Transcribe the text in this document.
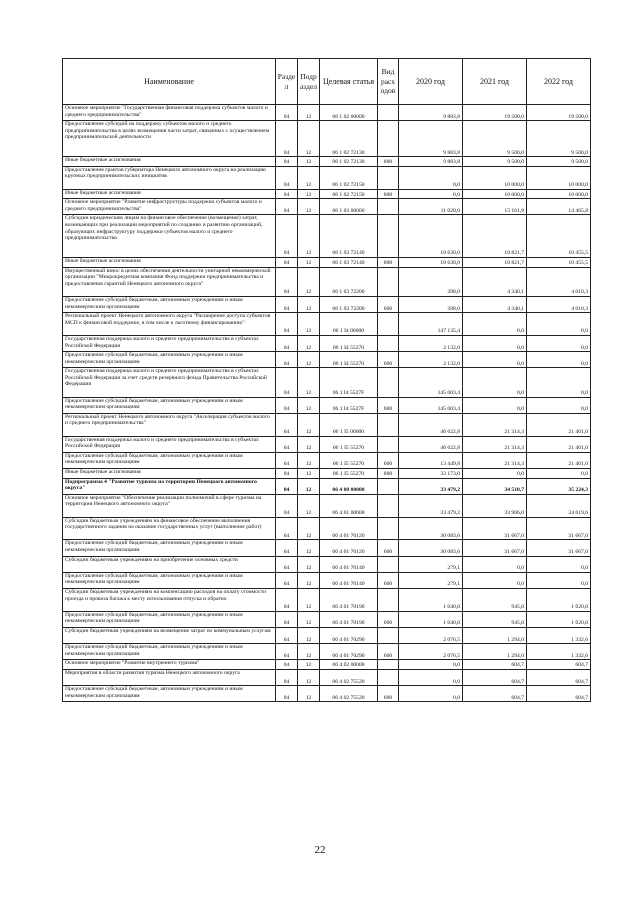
Наименование	Разде л	Подр аздел	Целевая статья	Вид расх одов	2020 год	2021 год	2022 год
Основное мероприятие "Государственная финансовая поддержка субъектов малого и среднего предпринимательства"	04	12	06 1 02 00000		9 883,8	19 500,0	19 500,0
Предоставление субсидий на поддержку субъектов малого и среднего предпринимательства в целях возмещения части затрат, связанных с осуществлением предпринимательской деятельности	04	12	06 1 02 72130		9 883,8	9 500,0	9 500,0
Иные бюджетные ассигнования	04	12	06 1 02 72130	800	9 883,8	9 500,0	9 500,0
Предоставление грантов губернатора Ненецкого автономного округа на реализацию крупных предпринимательских инициатив	04	12	06 1 02 72150		0,0	10 000,0	10 000,0
Иные бюджетные ассигнования	04	12	06 1 02 72150	800	0,0	10 000,0	10 000,0
Основное мероприятие "Развитие инфраструктуры поддержки субъектов малого и среднего предпринимательства"	04	12	06 1 03 00000		11 028,0	15 161,8	14 465,8
Субсидии юридическим лицам на финансовое обеспечение (возмещение) затрат, возникающих при реализации мероприятий по созданию и развитию организаций, образующих инфраструктуру поддержки субъектов малого и среднего предпринимательства	04	12	06 1 03 72140		10 630,0	10 821,7	10 455,5
Иные бюджетные ассигнования	04	12	06 1 03 72140	800	10 630,0	10 821,7	10 455,5
Имущественный взнос в целях обеспечения деятельности унитарной некоммерческой организации "Микрокредитная компания Фонд поддержки предпринимательства и предоставления гарантий Ненецкого автономного округа"	04	12	06 1 03 72200		398,0	4 340,1	4 010,3
Предоставление субсидий бюджетным, автономным учреждениям и иным некоммерческим организациям	04	12	06 1 03 72200	600	398,0	4 340,1	4 010,3
Региональный проект Ненецкого автономного округа "Расширение доступа субъектов МСП к финансовой поддержке, в том числе к льготному финансированию"	04	12	06 1 I4 00000		147 135,4	0,0	0,0
Государственная поддержка малого и среднего предпринимательства в субъектах Российской Федерации	04	12	06 1 I4 55270		2 132,0	0,0	0,0
Предоставление субсидий бюджетным, автономным учреждениям и иным некоммерческим организациям	04	12	06 1 I4 55270	600	2 132,0	0,0	0,0
Государственная поддержка малого и среднего предпринимательства в субъектах Российской Федерации за счет средств резервного фонда Правительства Российской Федерации	04	12	06 1 I4 5527F		145 003,4	0,0	0,0
Предоставление субсидий бюджетным, автономным учреждениям и иным некоммерческим организациям	04	12	06 1 I4 5527F	600	145 003,4	0,0	0,0
Региональный проект Ненецкого автономного округа "Акселерация субъектов малого и среднего предпринимательства"	04	12	06 1 I5 00000		46 622,8	21 314,3	21 401,0
Государственная поддержка малого и среднего предпринимательства в субъектах Российской Федерации	04	12	06 1 I5 55270		46 622,8	21 314,3	21 401,0
Предоставление субсидий бюджетным, автономным учреждениям и иным некоммерческим организациям	04	12	06 1 I5 55270	600	13 449,8	21 314,3	21 401,0
Иные бюджетные ассигнования	04	12	06 1 I5 55270	800	33 173,0	0,0	0,0
Подпрограмма 4 "Развитие туризма на территории Ненецкого автономного округа"	04	12	06 4 00 00000		33 479,2	34 510,7	35 224,3
Основное мероприятие "Обеспечение реализации полномочий в сфере туризма на территории Ненецкого автономного округа"	04	12	06 4 01 00000		33 479,2	33 906,0	34 619,6
Субсидии бюджетным учреждениям на финансовое обеспечение выполнения государственного задания на оказание государственных услуг (выполнение работ)	04	12	06 4 01 70120		30 083,6	31 667,0	31 667,0
Предоставление субсидий бюджетным, автономным учреждениям и иным некоммерческим организациям	04	12	06 4 01 70120	600	30 083,6	31 667,0	31 667,0
Субсидии бюджетным учреждениям на приобретение основных средств	04	12	06 4 01 70140		279,1	0,0	0,0
Предоставление субсидий бюджетным, автономным учреждениям и иным некоммерческим организациям	04	12	06 4 01 70140	600	279,1	0,0	0,0
Субсидии бюджетным учреждениям на компенсацию расходов на оплату стоимости проезда и провоза багажа к месту использования отпуска и обратно	04	12	06 4 01 70190		1 040,0	945,0	1 620,0
Предоставление субсидий бюджетным, автономным учреждениям и иным некоммерческим организациям	04	12	06 4 01 70190	600	1 040,0	945,0	1 620,0
Субсидии бюджетным учреждениям на возмещение затрат по коммунальным услугам	04	12	06 4 01 70290		2 076,5	1 294,0	1 332,6
Предоставление субсидий бюджетным, автономным учреждениям и иным некоммерческим организациям	04	12	06 4 01 70290	600	2 076,5	1 294,0	1 332,6
Основное мероприятие "Развитие внутреннего туризма"	04	12	06 4 02 00000		0,0	604,7	604,7
Мероприятия в области развития туризма Ненецкого автономного округа	04	12	06 4 02 75520		0,0	604,7	604,7
Предоставление субсидий бюджетным, автономным учреждениям и иным некоммерческим организациям	04	12	06 4 02 75520	600	0,0	604,7	604,7
22
